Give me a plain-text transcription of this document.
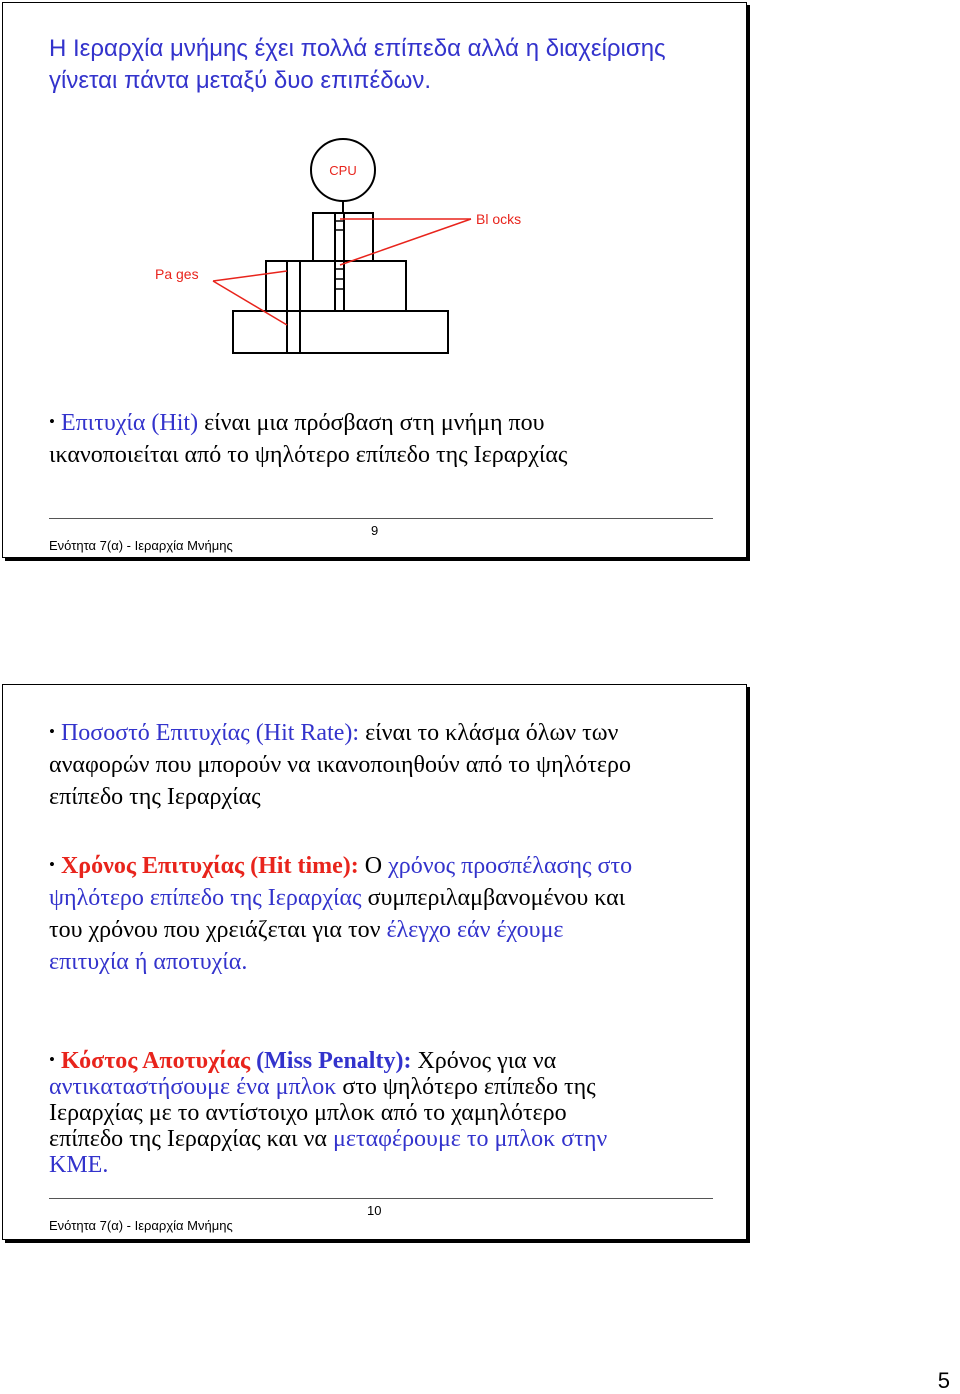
Η Ιεραρχία μνήμης έχει πολλά επίπεδα αλλά η διαχείρισης
γίνεται πάντα μεταξύ δυο επιπέδων.

CPU
Bl ocks
Pa ges

• Επιτυχία (Hit) είναι μια πρόσβαση στη μνήμη που
ικανοποιείται από το ψηλότερο επίπεδο της Ιεραρχίας

9
Ενότητα 7(α) - Ιεραρχία Μνήμης

• Ποσοστό Επιτυχίας (Hit Rate): είναι το κλάσμα όλων των
αναφορών που μπορούν να ικανοποιηθούν από το ψηλότερο
επίπεδο της Ιεραρχίας

• Χρόνος Επιτυχίας (Hit time): Ο χρόνος προσπέλασης στο
ψηλότερο επίπεδο της Ιεραρχίας συμπεριλαμβανομένου και
του χρόνου που χρειάζεται για τον έλεγχο εάν έχουμε
επιτυχία ή αποτυχία.

• Κόστος Αποτυχίας (Miss Penalty): Χρόνος για να
αντικαταστήσουμε ένα μπλοκ στο ψηλότερο επίπεδο της
Ιεραρχίας με το αντίστοιχο μπλοκ από το χαμηλότερο
επίπεδο της Ιεραρχίας και να μεταφέρουμε το μπλοκ στην
ΚΜΕ.

10
Ενότητα 7(α) - Ιεραρχία Μνήμης
5
